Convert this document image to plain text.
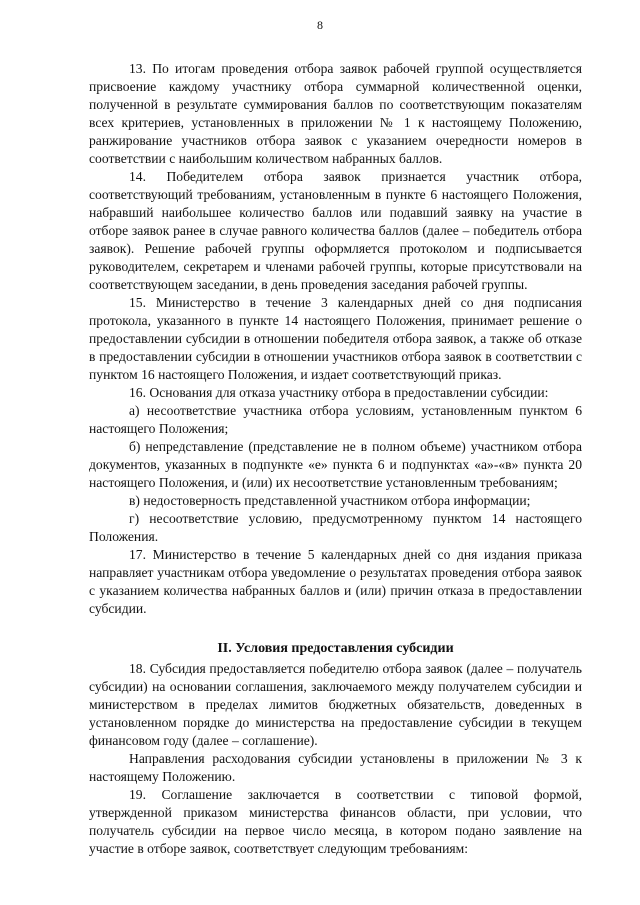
8

13. По итогам проведения отбора заявок рабочей группой осуществляется присвоение каждому участнику отбора суммарной количественной оценки, полученной в результате суммирования баллов по соответствующим показателям всех критериев, установленных в приложении № 1 к настоящему Положению, ранжирование участников отбора заявок с указанием очередности номеров в соответствии с наибольшим количеством набранных баллов.

14. Победителем отбора заявок признается участник отбора, соответствующий требованиям, установленным в пункте 6 настоящего Положения, набравший наибольшее количество баллов или подавший заявку на участие в отборе заявок ранее в случае равного количества баллов (далее – победитель отбора заявок). Решение рабочей группы оформляется протоколом и подписывается руководителем, секретарем и членами рабочей группы, которые присутствовали на соответствующем заседании, в день проведения заседания рабочей группы.

15. Министерство в течение 3 календарных дней со дня подписания протокола, указанного в пункте 14 настоящего Положения, принимает решение о предоставлении субсидии в отношении победителя отбора заявок, а также об отказе в предоставлении субсидии в отношении участников отбора заявок в соответствии с пунктом 16 настоящего Положения, и издает соответствующий приказ.

16. Основания для отказа участнику отбора в предоставлении субсидии:

а) несоответствие участника отбора условиям, установленным пунктом 6 настоящего Положения;

б) непредставление (представление не в полном объеме) участником отбора документов, указанных в подпункте «е» пункта 6 и подпунктах «а»-«в» пункта 20 настоящего Положения, и (или) их несоответствие установленным требованиям;

в) недостоверность представленной участником отбора информации;

г) несоответствие условию, предусмотренному пунктом 14 настоящего Положения.

17. Министерство в течение 5 календарных дней со дня издания приказа направляет участникам отбора уведомление о результатах проведения отбора заявок с указанием количества набранных баллов и (или) причин отказа в предоставлении субсидии.

II. Условия предоставления субсидии

18. Субсидия предоставляется победителю отбора заявок (далее – получатель субсидии) на основании соглашения, заключаемого между получателем субсидии и министерством в пределах лимитов бюджетных обязательств, доведенных в установленном порядке до министерства на предоставление субсидии в текущем финансовом году (далее – соглашение).

Направления расходования субсидии установлены в приложении № 3 к настоящему Положению.

19. Соглашение заключается в соответствии с типовой формой, утвержденной приказом министерства финансов области, при условии, что получатель субсидии на первое число месяца, в котором подано заявление на участие в отборе заявок, соответствует следующим требованиям:
